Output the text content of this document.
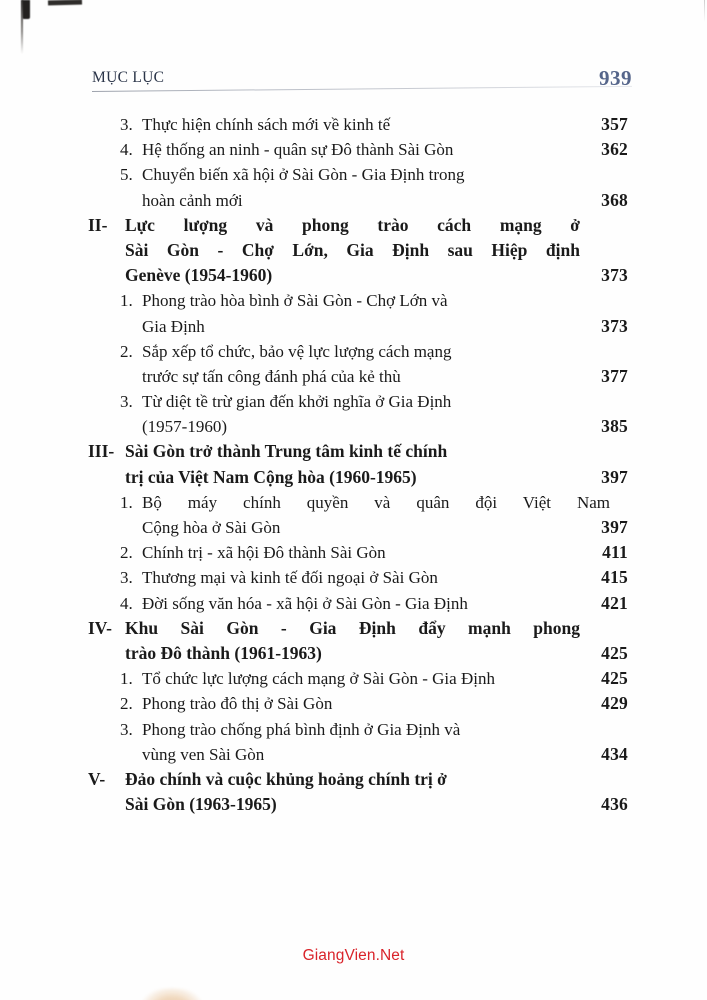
MỤC LỤC	939
3. Thực hiện chính sách mới về kinh tế	357
4. Hệ thống an ninh - quân sự Đô thành Sài Gòn	362
5. Chuyển biến xã hội ở Sài Gòn - Gia Định trong
hoàn cảnh mới	368
II- Lực lượng và phong trào cách mạng ở
Sài Gòn - Chợ Lớn, Gia Định sau Hiệp định
Genève (1954-1960)	373
1. Phong trào hòa bình ở Sài Gòn - Chợ Lớn và
Gia Định	373
2. Sắp xếp tổ chức, bảo vệ lực lượng cách mạng
trước sự tấn công đánh phá của kẻ thù	377
3. Từ diệt tề trừ gian đến khởi nghĩa ở Gia Định
(1957-1960)	385
III- Sài Gòn trở thành Trung tâm kinh tế chính
trị của Việt Nam Cộng hòa (1960-1965)	397
1. Bộ máy chính quyền và quân đội Việt Nam
Cộng hòa ở Sài Gòn	397
2. Chính trị - xã hội Đô thành Sài Gòn	411
3. Thương mại và kinh tế đối ngoại ở Sài Gòn	415
4. Đời sống văn hóa - xã hội ở Sài Gòn - Gia Định	421
IV- Khu Sài Gòn - Gia Định đẩy mạnh phong
trào Đô thành (1961-1963)	425
1. Tổ chức lực lượng cách mạng ở Sài Gòn - Gia Định	425
2. Phong trào đô thị ở Sài Gòn	429
3. Phong trào chống phá bình định ở Gia Định và
vùng ven Sài Gòn	434
V- Đảo chính và cuộc khủng hoảng chính trị ở
Sài Gòn (1963-1965)	436
GiangVien.Net
